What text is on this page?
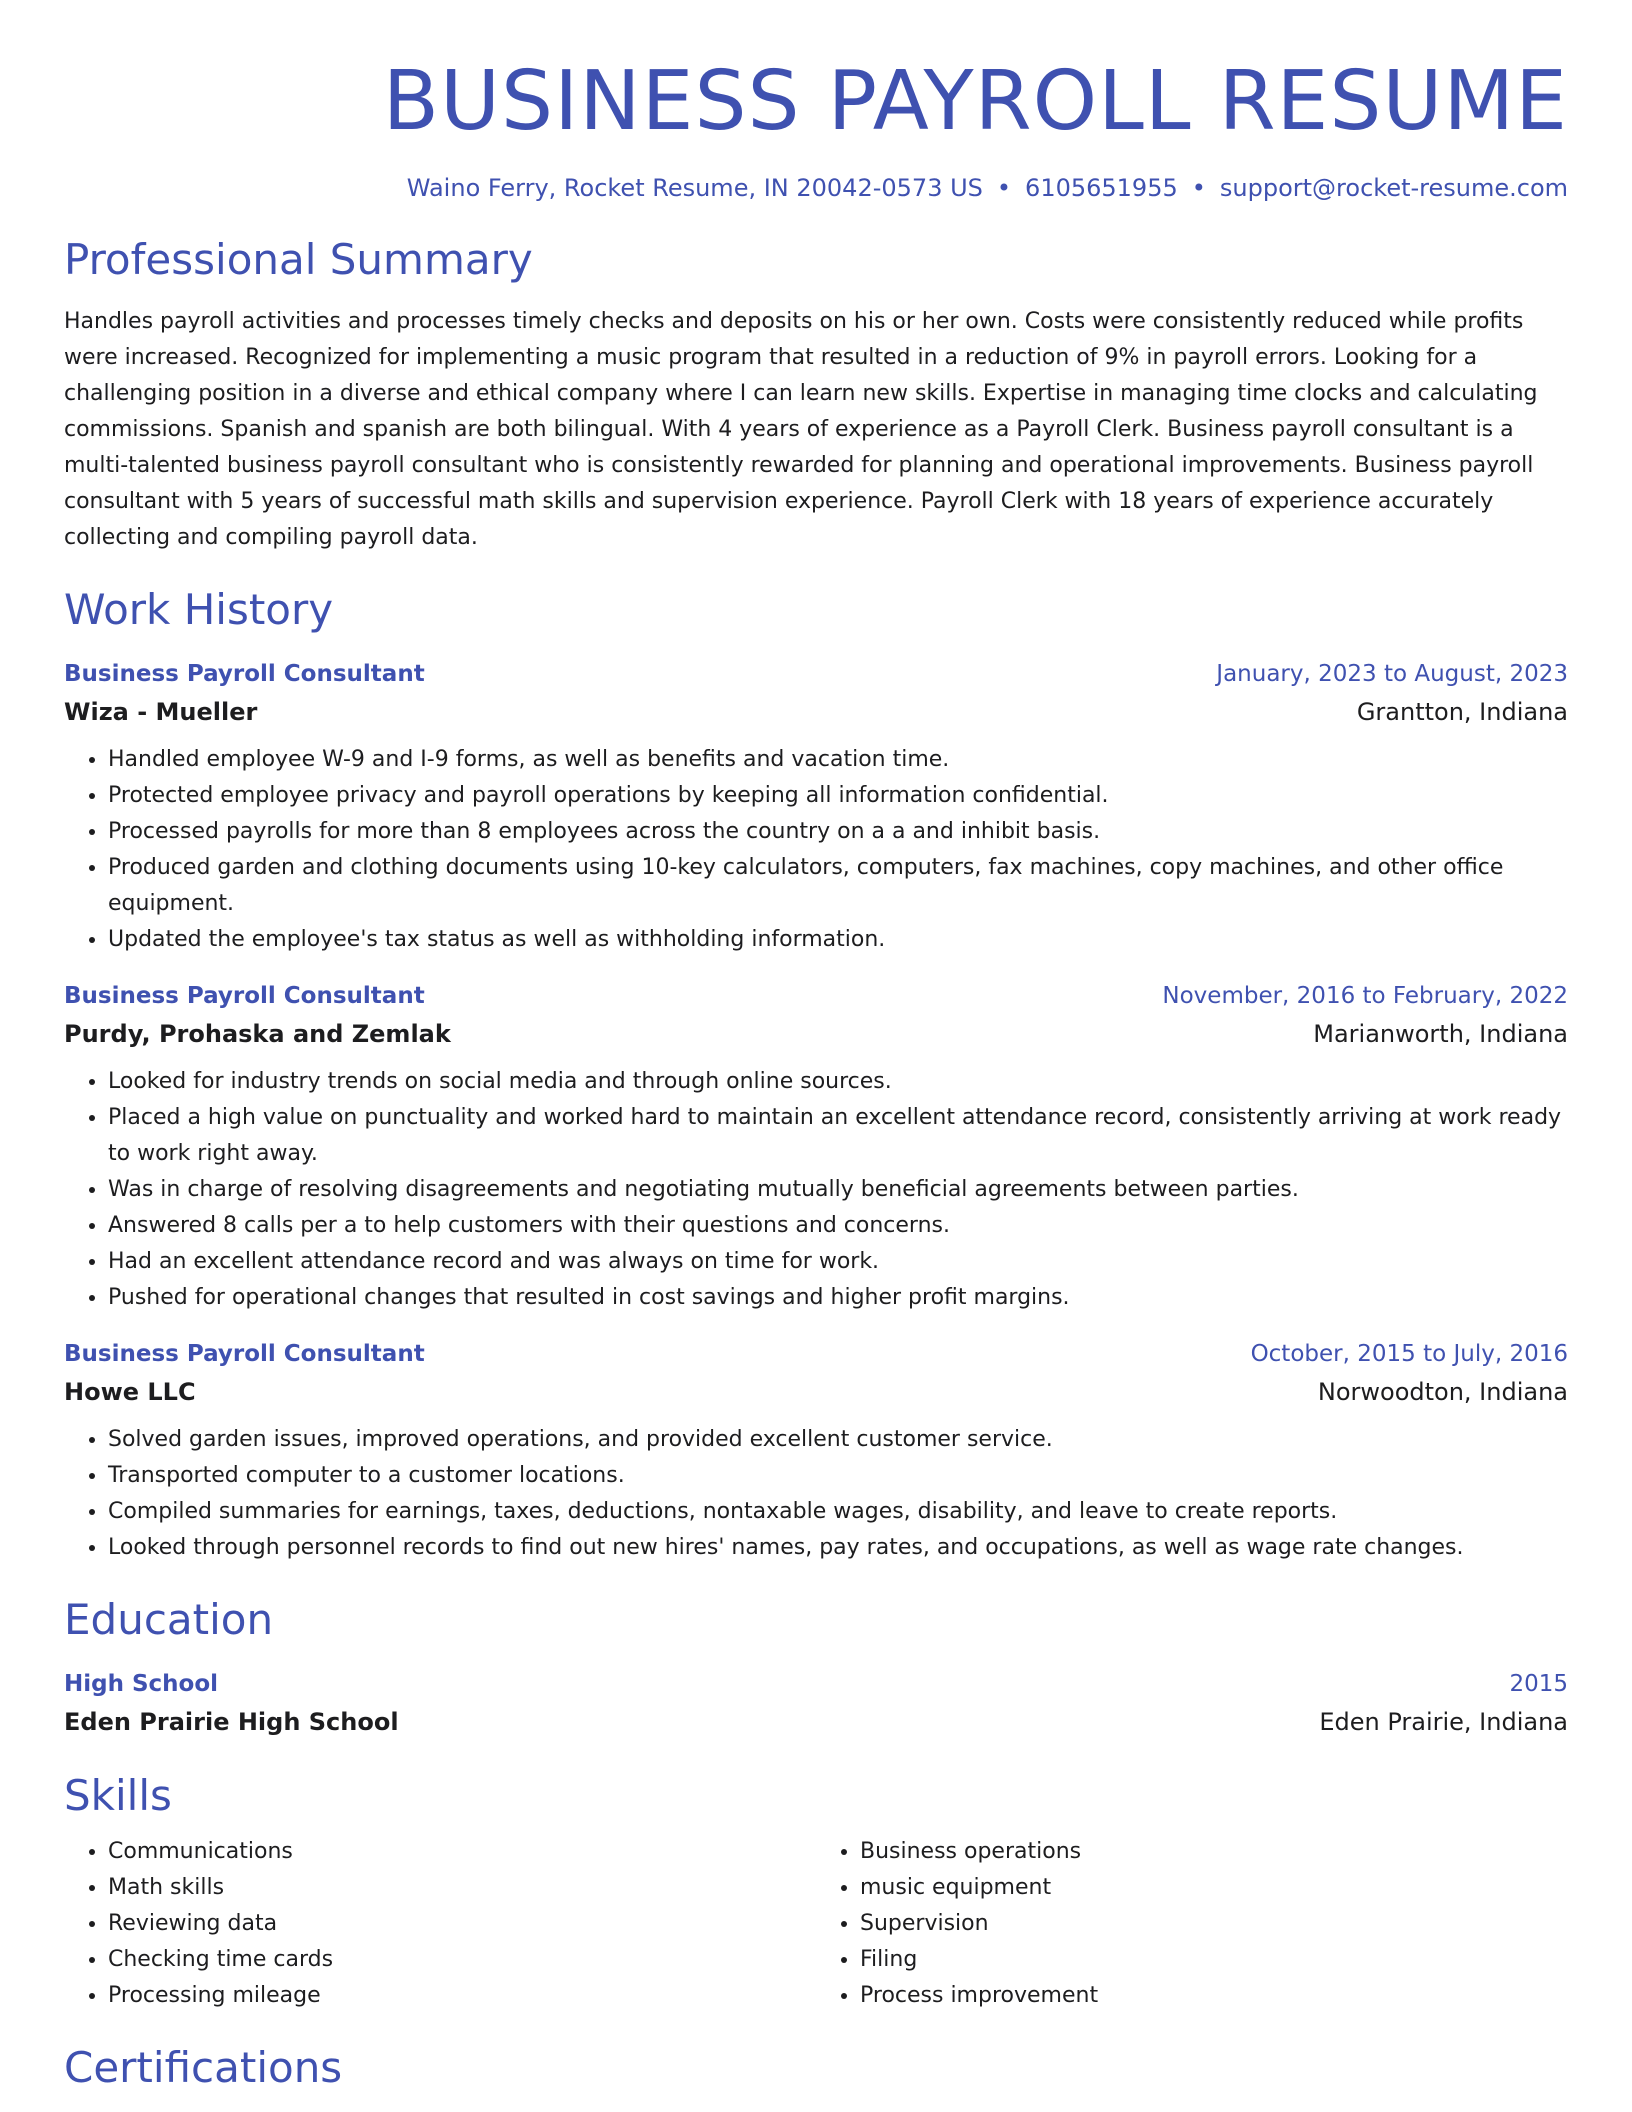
BUSINESS PAYROLL RESUME
Waino Ferry, Rocket Resume, IN 20042-0573 US • 6105651955 • support@rocket-resume.com
Professional Summary

Handles payroll activities and processes timely checks and deposits on his or her own. Costs were consistently reduced while profits were increased. Recognized for implementing a music program that resulted in a reduction of 9% in payroll errors. Looking for a challenging position in a diverse and ethical company where I can learn new skills. Expertise in managing time clocks and calculating commissions. Spanish and spanish are both bilingual. With 4 years of experience as a Payroll Clerk. Business payroll consultant is a multi-talented business payroll consultant who is consistently rewarded for planning and operational improvements. Business payroll consultant with 5 years of successful math skills and supervision experience. Payroll Clerk with 18 years of experience accurately collecting and compiling payroll data.

Work History
Business Payroll Consultant	January, 2023 to August, 2023
Wiza - Mueller	Grantton, Indiana
• Handled employee W-9 and I-9 forms, as well as benefits and vacation time.
• Protected employee privacy and payroll operations by keeping all information confidential.
• Processed payrolls for more than 8 employees across the country on a a and inhibit basis.
• Produced garden and clothing documents using 10-key calculators, computers, fax machines, copy machines, and other office equipment.
• Updated the employee's tax status as well as withholding information.
Business Payroll Consultant	November, 2016 to February, 2022
Purdy, Prohaska and Zemlak	Marianworth, Indiana
• Looked for industry trends on social media and through online sources.
• Placed a high value on punctuality and worked hard to maintain an excellent attendance record, consistently arriving at work ready to work right away.
• Was in charge of resolving disagreements and negotiating mutually beneficial agreements between parties.
• Answered 8 calls per a to help customers with their questions and concerns.
• Had an excellent attendance record and was always on time for work.
• Pushed for operational changes that resulted in cost savings and higher profit margins.
Business Payroll Consultant	October, 2015 to July, 2016
Howe LLC	Norwoodton, Indiana
• Solved garden issues, improved operations, and provided excellent customer service.
• Transported computer to a customer locations.
• Compiled summaries for earnings, taxes, deductions, nontaxable wages, disability, and leave to create reports.
• Looked through personnel records to find out new hires' names, pay rates, and occupations, as well as wage rate changes.
Education
High School	2015
Eden Prairie High School	Eden Prairie, Indiana
Skills
• Communications
• Math skills
• Reviewing data
• Checking time cards
• Processing mileage
• Business operations
• music equipment
• Supervision
• Filing
• Process improvement
Certifications
